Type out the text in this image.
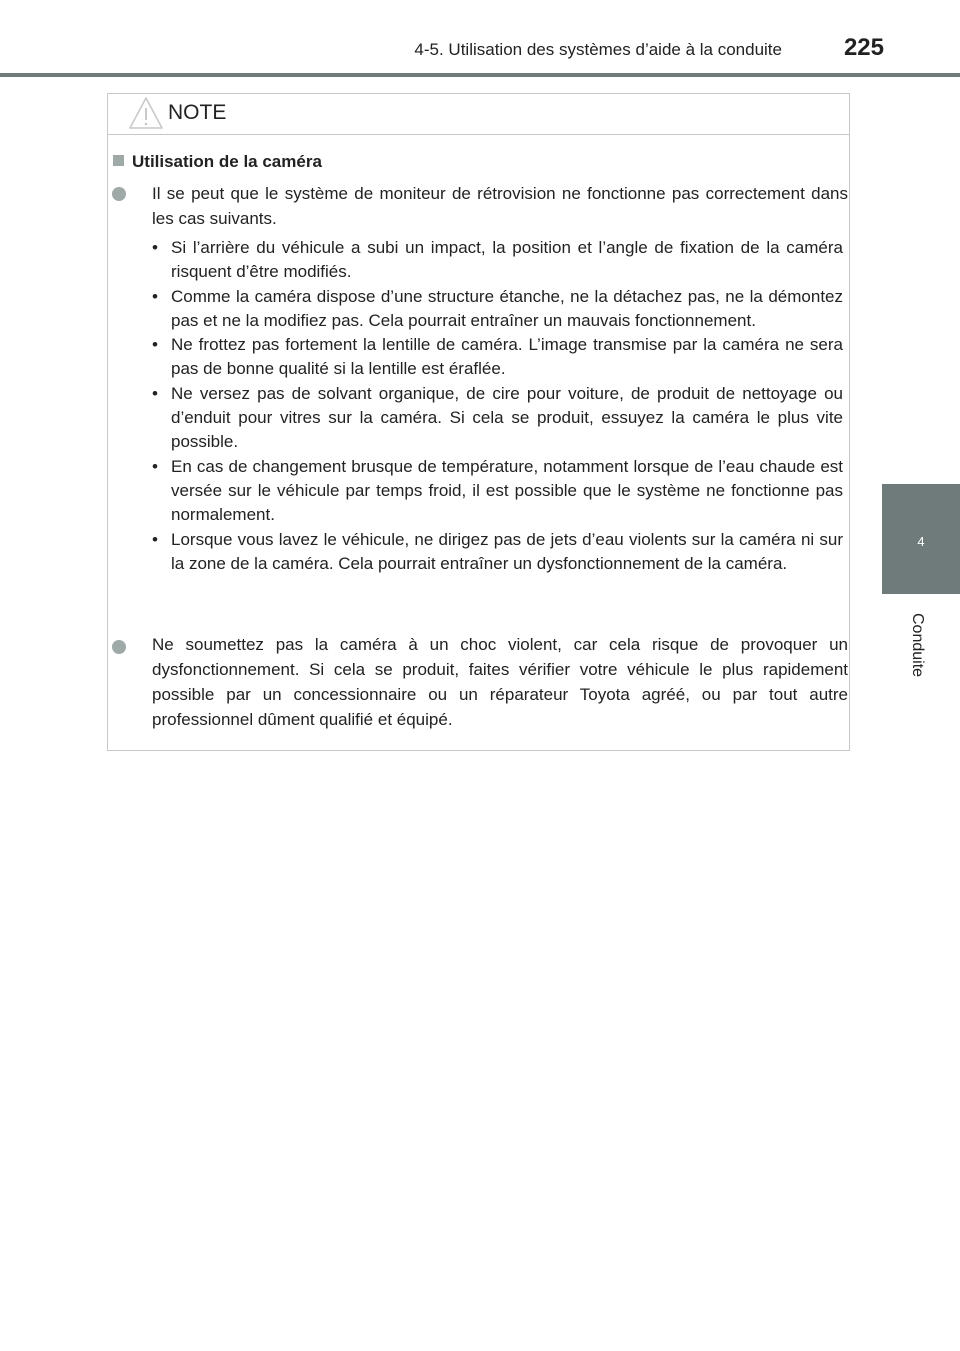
4-5. Utilisation des systèmes d’aide à la conduite	225
4
Conduite
NOTE
Utilisation de la caméra
Il se peut que le système de moniteur de rétrovision ne fonctionne pas correctement dans les cas suivants.
• Si l’arrière du véhicule a subi un impact, la position et l’angle de fixation de la caméra risquent d’être modifiés.
• Comme la caméra dispose d’une structure étanche, ne la détachez pas, ne la démontez pas et ne la modifiez pas. Cela pourrait entraîner un mauvais fonctionnement.
• Ne frottez pas fortement la lentille de caméra. L’image transmise par la caméra ne sera pas de bonne qualité si la lentille est éraflée.
• Ne versez pas de solvant organique, de cire pour voiture, de produit de nettoyage ou d’enduit pour vitres sur la caméra. Si cela se produit, essuyez la caméra le plus vite possible.
• En cas de changement brusque de température, notamment lorsque de l’eau chaude est versée sur le véhicule par temps froid, il est possible que le système ne fonctionne pas normalement.
• Lorsque vous lavez le véhicule, ne dirigez pas de jets d’eau violents sur la caméra ni sur la zone de la caméra. Cela pourrait entraîner un dysfonctionnement de la caméra.
Ne soumettez pas la caméra à un choc violent, car cela risque de provoquer un dysfonctionnement. Si cela se produit, faites vérifier votre véhicule le plus rapidement possible par un concessionnaire ou un réparateur Toyota agréé, ou par tout autre professionnel dûment qualifié et équipé.
